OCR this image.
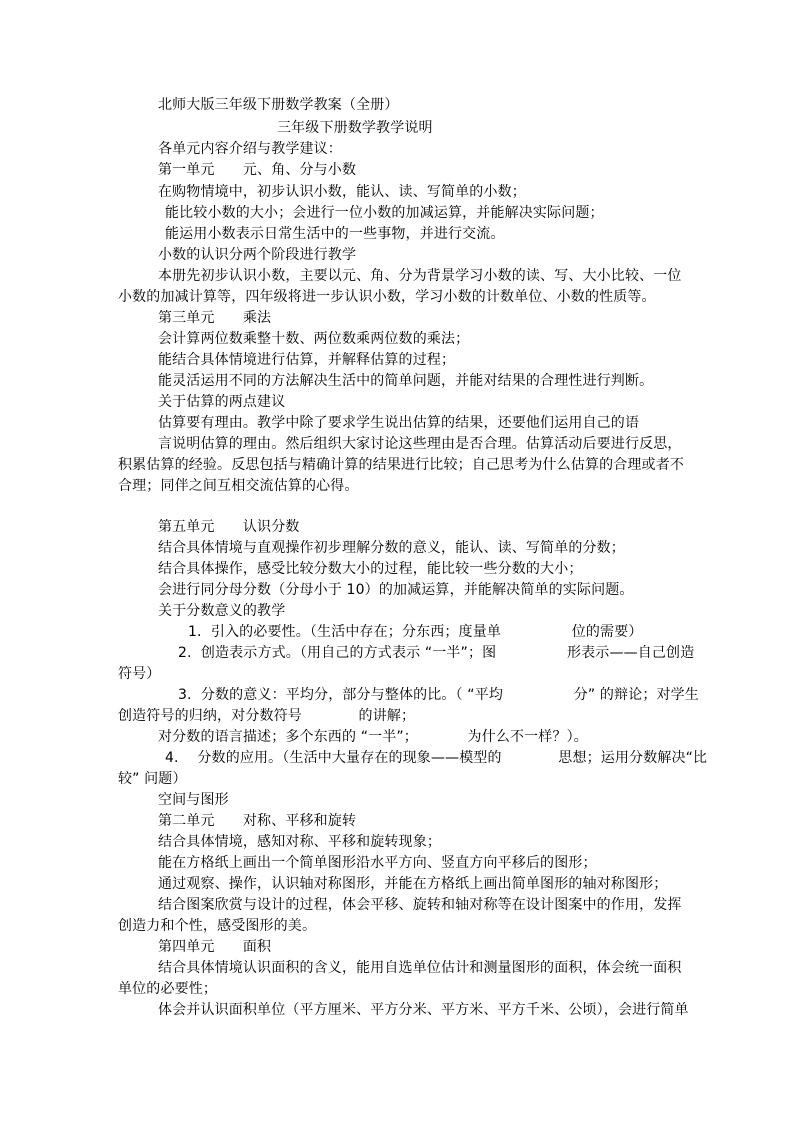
北师大版三年级下册数学教案（全册）
三年级下册数学教学说明
各单元内容介绍与教学建议：
第一单元　　元、角、分与小数
在购物情境中，初步认识小数，能认、读、写简单的小数；
能比较小数的大小；会进行一位小数的加减运算，并能解决实际问题；
能运用小数表示日常生活中的一些事物，并进行交流。
小数的认识分两个阶段进行教学
本册先初步认识小数，主要以元、角、分为背景学习小数的读、写、大小比较、一位
小数的加减计算等，四年级将进一步认识小数，学习小数的计数单位、小数的性质等。
第三单元　　乘法
会计算两位数乘整十数、两位数乘两位数的乘法；
能结合具体情境进行估算，并解释估算的过程；
能灵活运用不同的方法解决生活中的简单问题，并能对结果的合理性进行判断。
关于估算的两点建议
估算要有理由。教学中除了要求学生说出估算的结果，还要他们运用自己的语
言说明估算的理由。然后组织大家讨论这些理由是否合理。估算活动后要进行反思，
积累估算的经验。反思包括与精确计算的结果进行比较；自己思考为什么估算的合理或者不
合理；同伴之间互相交流估算的心得。
第五单元　　认识分数
结合具体情境与直观操作初步理解分数的意义，能认、读、写简单的分数；
结合具体操作，感受比较分数大小的过程，能比较一些分数的大小；
会进行同分母分数（分母小于 10）的加减运算，并能解决简单的实际问题。
关于分数意义的教学
1.  引入的必要性。（生活中存在；分东西；度量单　　　　　位的需要）
2.  创造表示方式。（用自己的方式表示 “一半”；图　　　　　形表示——自己创造
符号）
3.  分数的意义：平均分，部分与整体的比。（ “平均　　　　　分” 的辩论；对学生
创造符号的归纳，对分数符号　　　　的讲解；
对分数的语言描述；多个东西的 “一半”；　　　　为什么不一样？）。
4.　 分数的应用。（生活中大量存在的现象——模型的　　　　思想；运用分数解决“比
较” 问题）
空间与图形
第二单元　　对称、平移和旋转
结合具体情境，感知对称、平移和旋转现象；
能在方格纸上画出一个简单图形沿水平方向、竖直方向平移后的图形；
通过观察、操作，认识轴对称图形，并能在方格纸上画出简单图形的轴对称图形；
结合图案欣赏与设计的过程，体会平移、旋转和轴对称等在设计图案中的作用，发挥
创造力和个性，感受图形的美。
第四单元　　面积
结合具体情境认识面积的含义，能用自选单位估计和测量图形的面积，体会统一面积
单位的必要性；
体会并认识面积单位（平方厘米、平方分米、平方米、平方千米、公顷），会进行简单
